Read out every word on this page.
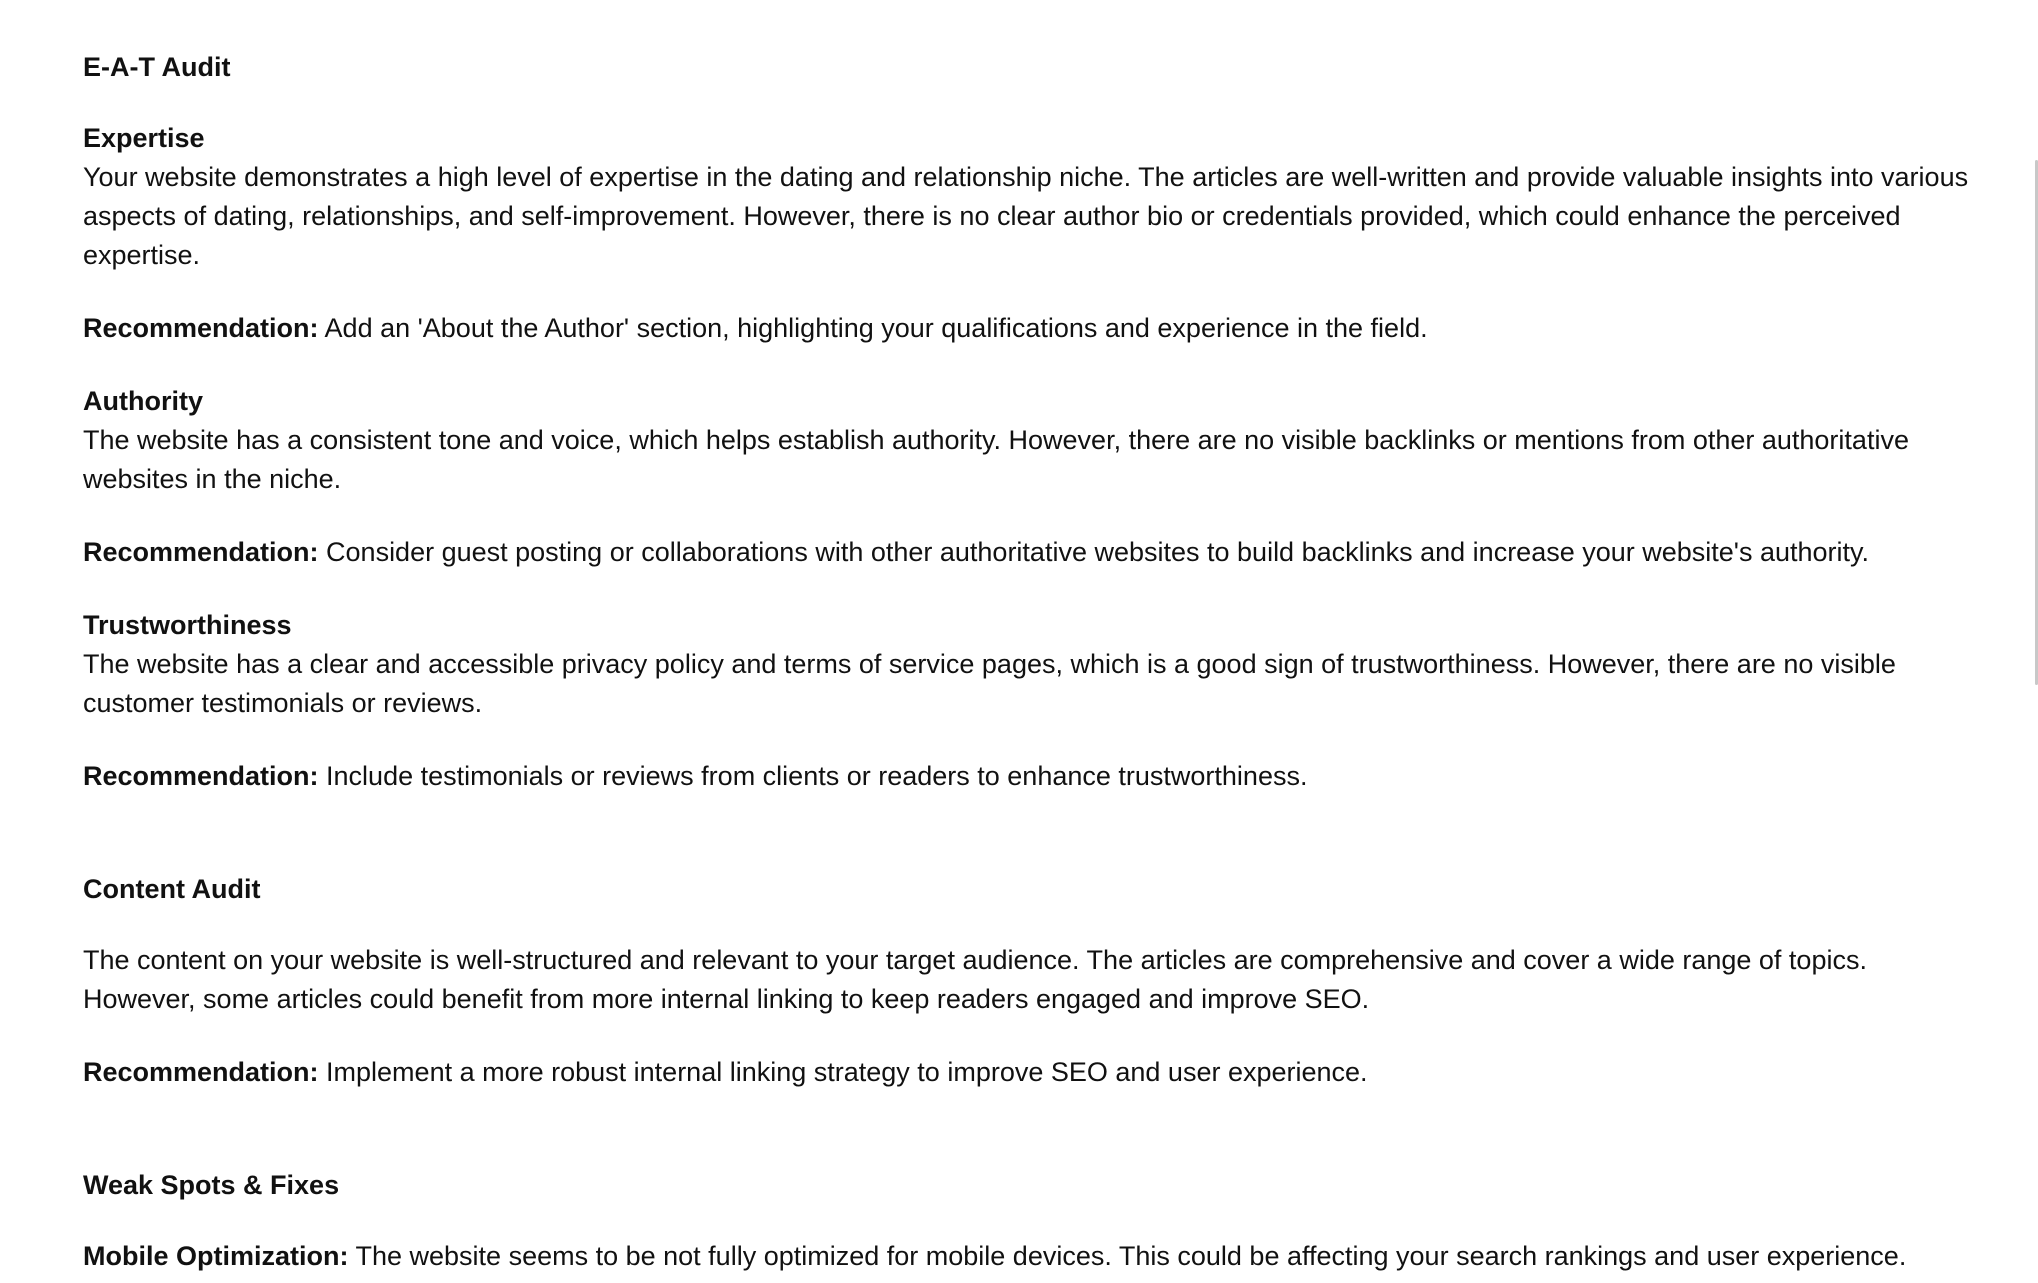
E-A-T Audit

Expertise

Your website demonstrates a high level of expertise in the dating and relationship niche. The articles are well-written and provide valuable insights into various aspects of dating, relationships, and self-improvement. However, there is no clear author bio or credentials provided, which could enhance the perceived expertise.

Recommendation: Add an 'About the Author' section, highlighting your qualifications and experience in the field.

Authority

The website has a consistent tone and voice, which helps establish authority. However, there are no visible backlinks or mentions from other authoritative websites in the niche.

Recommendation: Consider guest posting or collaborations with other authoritative websites to build backlinks and increase your website's authority.

Trustworthiness

The website has a clear and accessible privacy policy and terms of service pages, which is a good sign of trustworthiness. However, there are no visible customer testimonials or reviews.

Recommendation: Include testimonials or reviews from clients or readers to enhance trustworthiness.

Content Audit

The content on your website is well-structured and relevant to your target audience. The articles are comprehensive and cover a wide range of topics. However, some articles could benefit from more internal linking to keep readers engaged and improve SEO.

Recommendation: Implement a more robust internal linking strategy to improve SEO and user experience.

Weak Spots & Fixes

Mobile Optimization: The website seems to be not fully optimized for mobile devices. This could be affecting your search rankings and user experience.
